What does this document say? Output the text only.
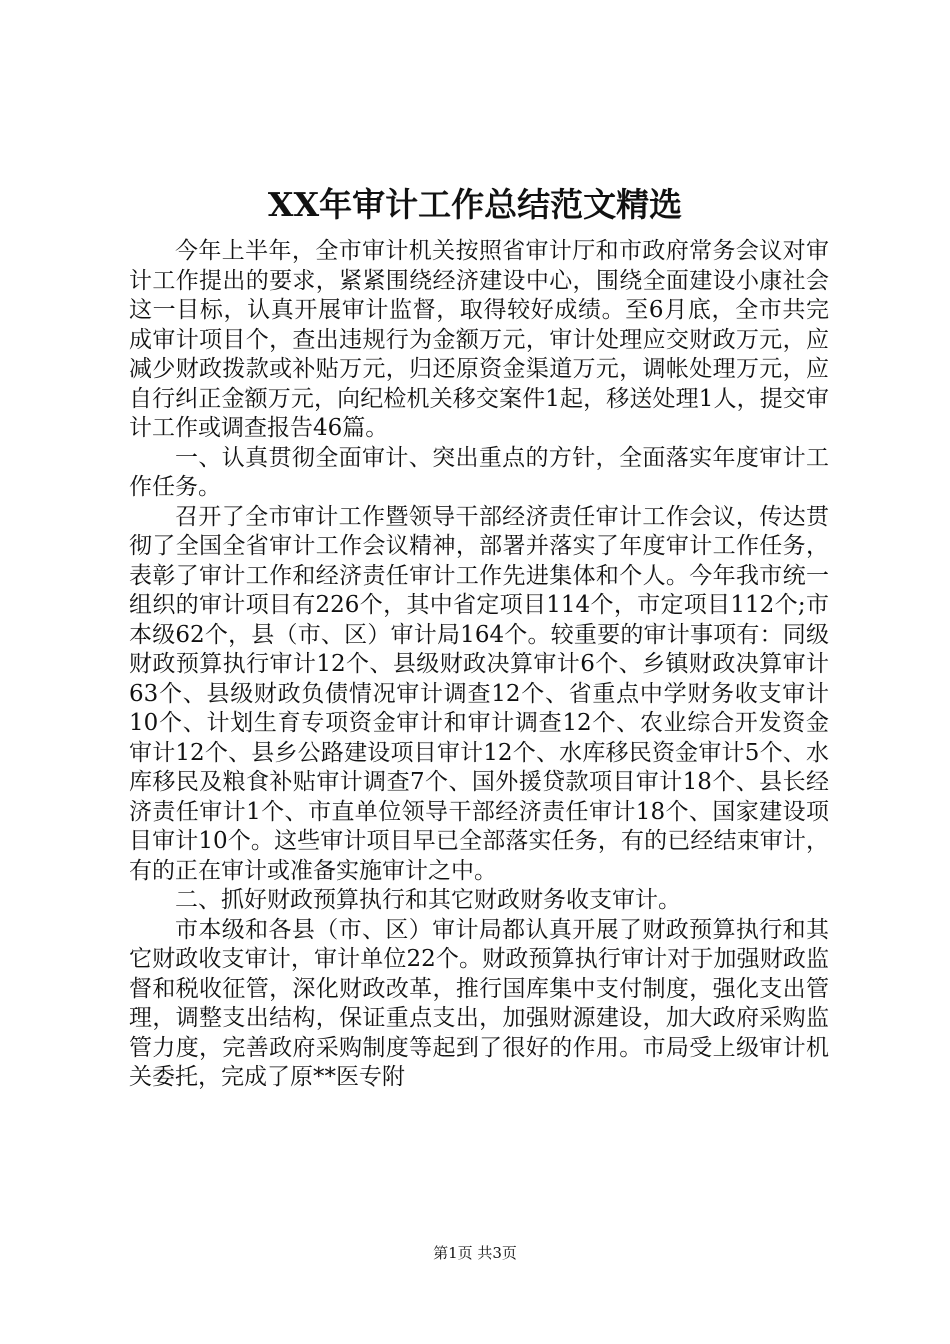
XX年审计工作总结范文精选

今年上半年，全市审计机关按照省审计厅和市政府常务会议对审计工作提出的要求，紧紧围绕经济建设中心，围绕全面建设小康社会这一目标，认真开展审计监督，取得较好成绩。至6月底，全市共完成审计项目个，查出违规行为金额万元，审计处理应交财政万元，应减少财政拨款或补贴万元，归还原资金渠道万元，调帐处理万元，应自行纠正金额万元，向纪检机关移交案件1起，移送处理1人，提交审计工作或调查报告46篇。

一、认真贯彻全面审计、突出重点的方针，全面落实年度审计工作任务。

召开了全市审计工作暨领导干部经济责任审计工作会议，传达贯彻了全国全省审计工作会议精神，部署并落实了年度审计工作任务，表彰了审计工作和经济责任审计工作先进集体和个人。今年我市统一组织的审计项目有226个，其中省定项目114个，市定项目112个;市本级62个，县（市、区）审计局164个。较重要的审计事项有：同级财政预算执行审计12个、县级财政决算审计6个、乡镇财政决算审计63个、县级财政负债情况审计调查12个、省重点中学财务收支审计10个、计划生育专项资金审计和审计调查12个、农业综合开发资金审计12个、县乡公路建设项目审计12个、水库移民资金审计5个、水库移民及粮食补贴审计调查7个、国外援贷款项目审计18个、县长经济责任审计1个、市直单位领导干部经济责任审计18个、国家建设项目审计10个。这些审计项目早已全部落实任务，有的已经结束审计，有的正在审计或准备实施审计之中。

二、抓好财政预算执行和其它财政财务收支审计。

市本级和各县（市、区）审计局都认真开展了财政预算执行和其它财政收支审计，审计单位22个。财政预算执行审计对于加强财政监督和税收征管，深化财政改革，推行国库集中支付制度，强化支出管理，调整支出结构，保证重点支出，加强财源建设，加大政府采购监管力度，完善政府采购制度等起到了很好的作用。市局受上级审计机关委托，完成了原**医专附

第1页 共3页
